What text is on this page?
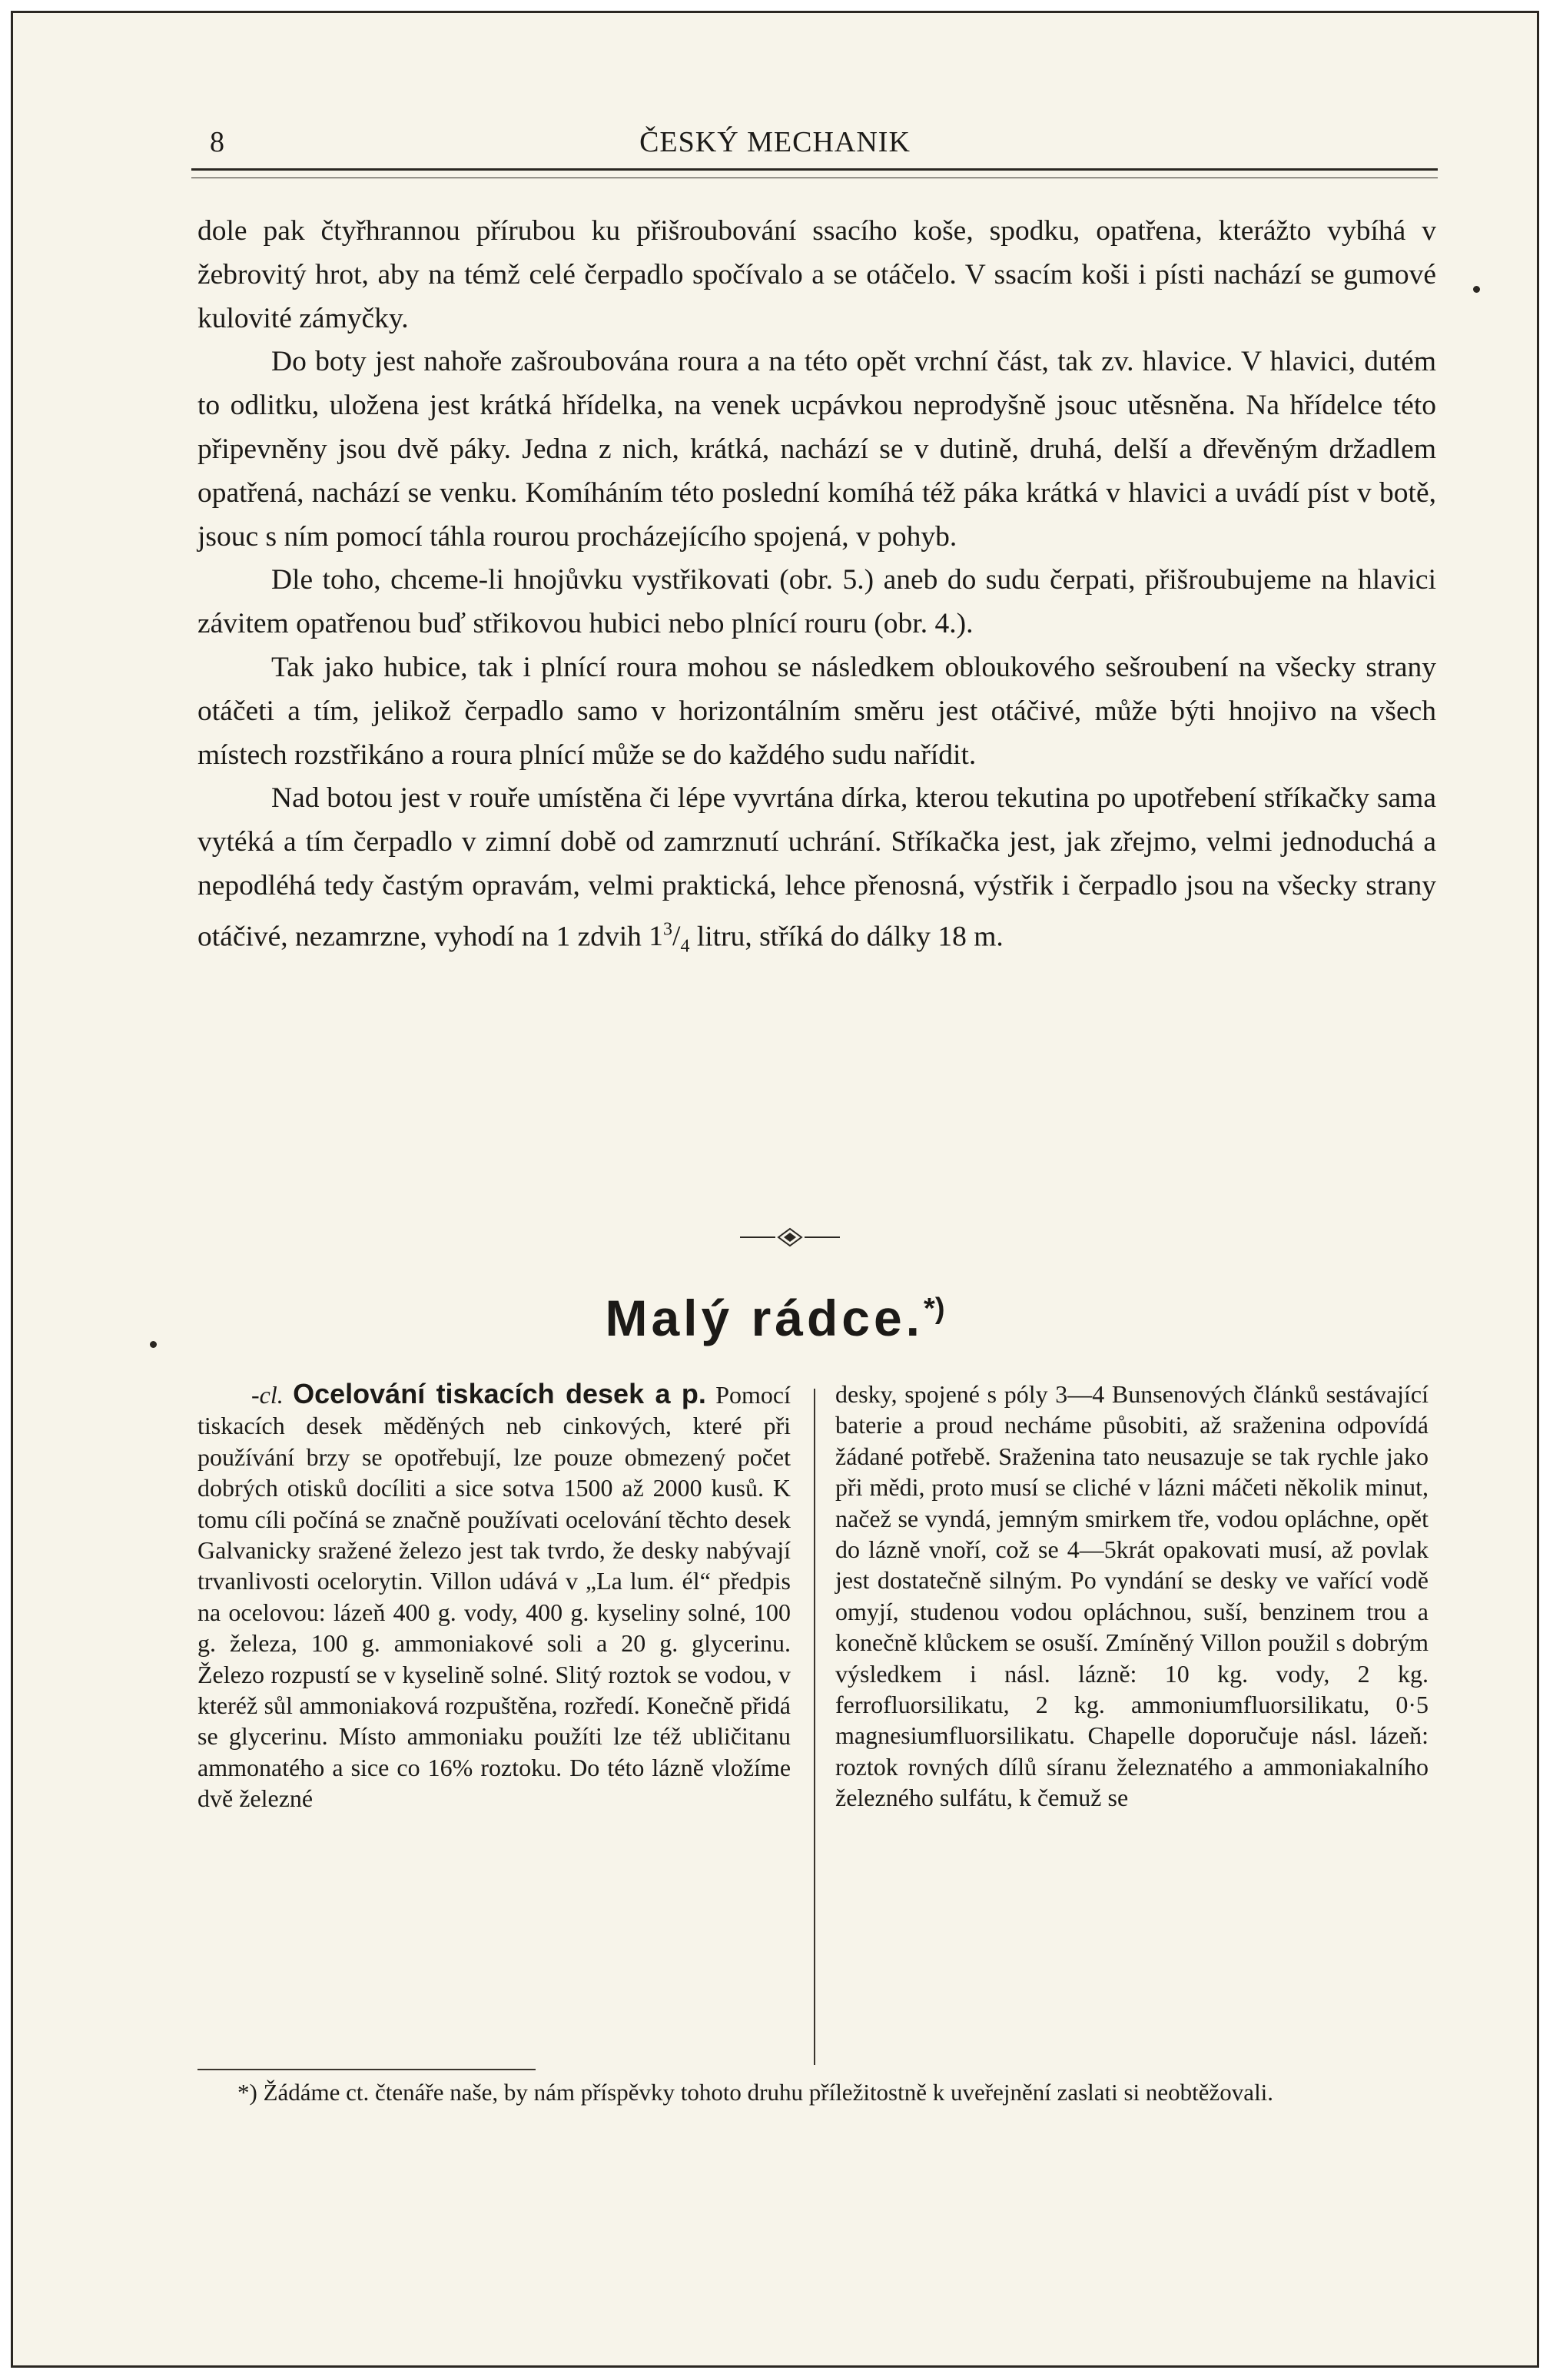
8	ČESKÝ MECHANIK

dole pak čtyřhrannou přírubou ku přišroubování ssacího koše, spodku, opatřena, kterážto vybíhá v žebrovitý hrot, aby na témž celé čerpadlo spočívalo a se otáčelo. V ssacím koši i písti nachází se gumové kulovité zámyčky.

Do boty jest nahoře zašroubována roura a na této opět vrchní část, tak zv. hlavice. V hlavici, dutém to odlitku, uložena jest krátká hřídelka, na venek ucpávkou neprodyšně jsouc utěsněna. Na hřídelce této připevněny jsou dvě páky. Jedna z nich, krátká, nachází se v dutině, druhá, delší a dřevěným držadlem opatřená, nachází se venku. Komíháním této poslední komíhá též páka krátká v hlavici a uvádí píst v botě, jsouc s ním pomocí táhla rourou procházejícího spojená, v pohyb.

Dle toho, chceme-li hnojůvku vystřikovati (obr. 5.) aneb do sudu čerpati, přišroubujeme na hlavici závitem opatřenou buď střikovou hubici nebo plnící rouru (obr. 4.).

Tak jako hubice, tak i plnící roura mohou se následkem obloukového sešroubení na všecky strany otáčeti a tím, jelikož čerpadlo samo v horizontálním směru jest otáčivé, může býti hnojivo na všech místech rozstřikáno a roura plnící může se do každého sudu nařídit.

Nad botou jest v rouře umístěna či lépe vyvrtána dírka, kterou tekutina po upotřebení stříkačky sama vytéká a tím čerpadlo v zimní době od zamrznutí uchrání. Stříkačka jest, jak zřejmo, velmi jednoduchá a nepodléhá tedy častým opravám, velmi praktická, lehce přenosná, výstřik i čerpadlo jsou na všecky strany otáčivé, nezamrzne, vyhodí na 1 zdvih $1^3/_4$ litru, stříká do dálky 18 m.

Malý rádce.*)

-cl. Ocelování tiskacích desek a p. Pomocí tiskacích desek měděných neb cinkových, které při používání brzy se opotřebují, lze pouze obmezený počet dobrých otisků docíliti a sice sotva 1500 až 2000 kusů. K tomu cíli počíná se značně používati ocelování těchto desek Galvanicky sražené železo jest tak tvrdo, že desky nabývají trvanlivosti ocelorytin. Villon udává v „La lum. él“ předpis na ocelovou: lázeň 400 g. vody, 400 g. kyseliny solné, 100 g. železa, 100 g. ammoniakové soli a 20 g. glycerinu. Železo rozpustí se v kyselině solné. Slitý roztok se vodou, v kteréž sůl ammoniaková rozpuštěna, rozředí. Konečně přidá se glycerinu. Místo ammoniaku použíti lze též ubličitanu ammonatého a sice co 16% roztoku. Do této lázně vložíme dvě železné

desky, spojené s póly 3—4 Bunsenových článků sestávající baterie a proud necháme působiti, až sraženina odpovídá žádané potřebě. Sraženina tato neusazuje se tak rychle jako při mědi, proto musí se cliché v lázni máčeti několik minut, načež se vyndá, jemným smirkem tře, vodou opláchne, opět do lázně vnoří, což se 4—5krát opakovati musí, až povlak jest dostatečně silným. Po vyndání se desky ve vařící vodě omyjí, studenou vodou opláchnou, suší, benzinem trou a konečně klůckem se osuší. Zmíněný Villon použil s dobrým výsledkem i násl. lázně: 10 kg. vody, 2 kg. ferrofluorsilikatu, 2 kg. ammoniumfluorsilikatu, 0·5 magnesiumfluorsilikatu. Chapelle doporučuje násl. lázeň: roztok rovných dílů síranu železnatého a ammoniakalního železného sulfátu, k čemuž se

*) Žádáme ct. čtenáře naše, by nám příspěvky tohoto druhu příležitostně k uveřejnění zaslati si neobtěžovali.
